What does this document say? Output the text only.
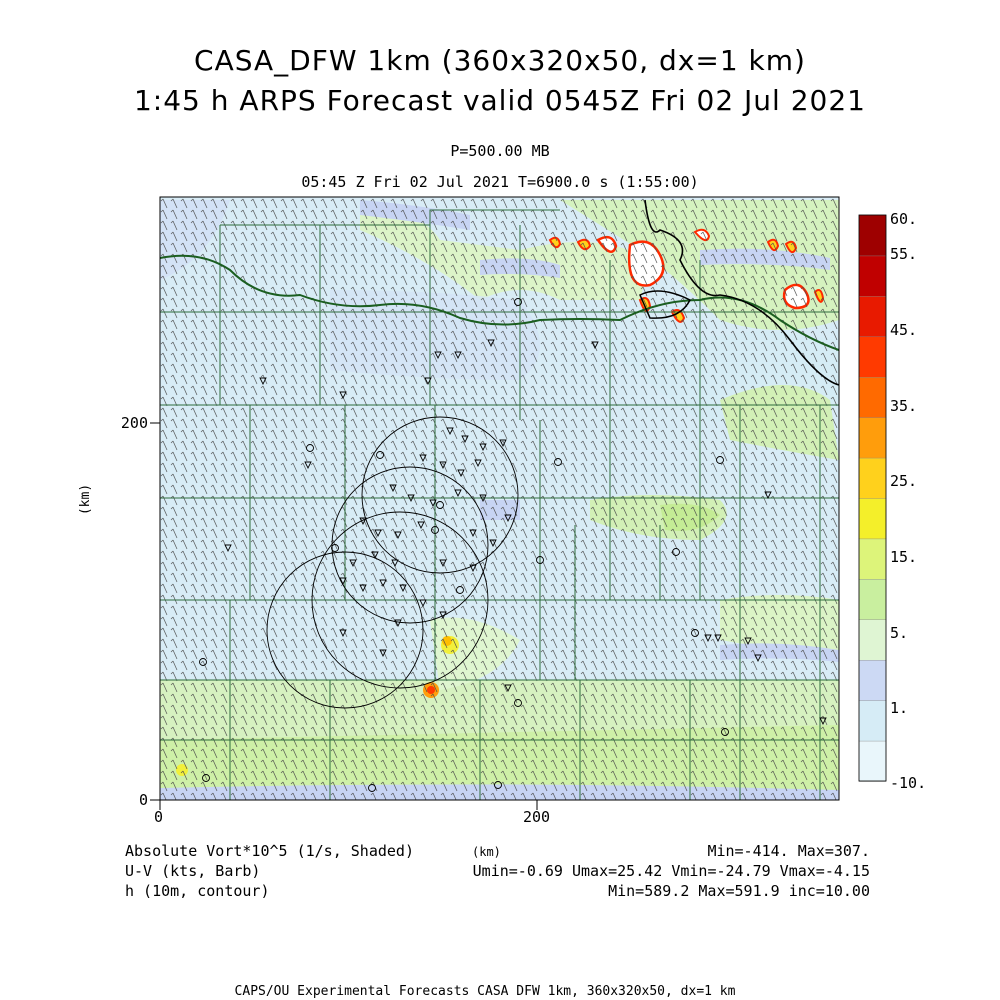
CASA_DFW 1km (360x320x50, dx=1 km)
1:45 h ARPS Forecast valid 0545Z Fri 02 Jul 2021
P=500.00 MB
05:45 Z Fri 02 Jul 2021 T=6900.0 s (1:55:00)
0	200
0
200
(km)
60.
55.
45.
35.
25.
15.
5.
1.
-10.
Absolute Vort*10^5 (1/s, Shaded)	Min=-414. Max=307.
(km)
U-V (kts, Barb)	Umin=-0.69 Umax=25.42 Vmin=-24.79 Vmax=-4.15
h (10m, contour)	Min=589.2 Max=591.9 inc=10.00
CAPS/OU Experimental Forecasts CASA DFW 1km, 360x320x50, dx=1 km
